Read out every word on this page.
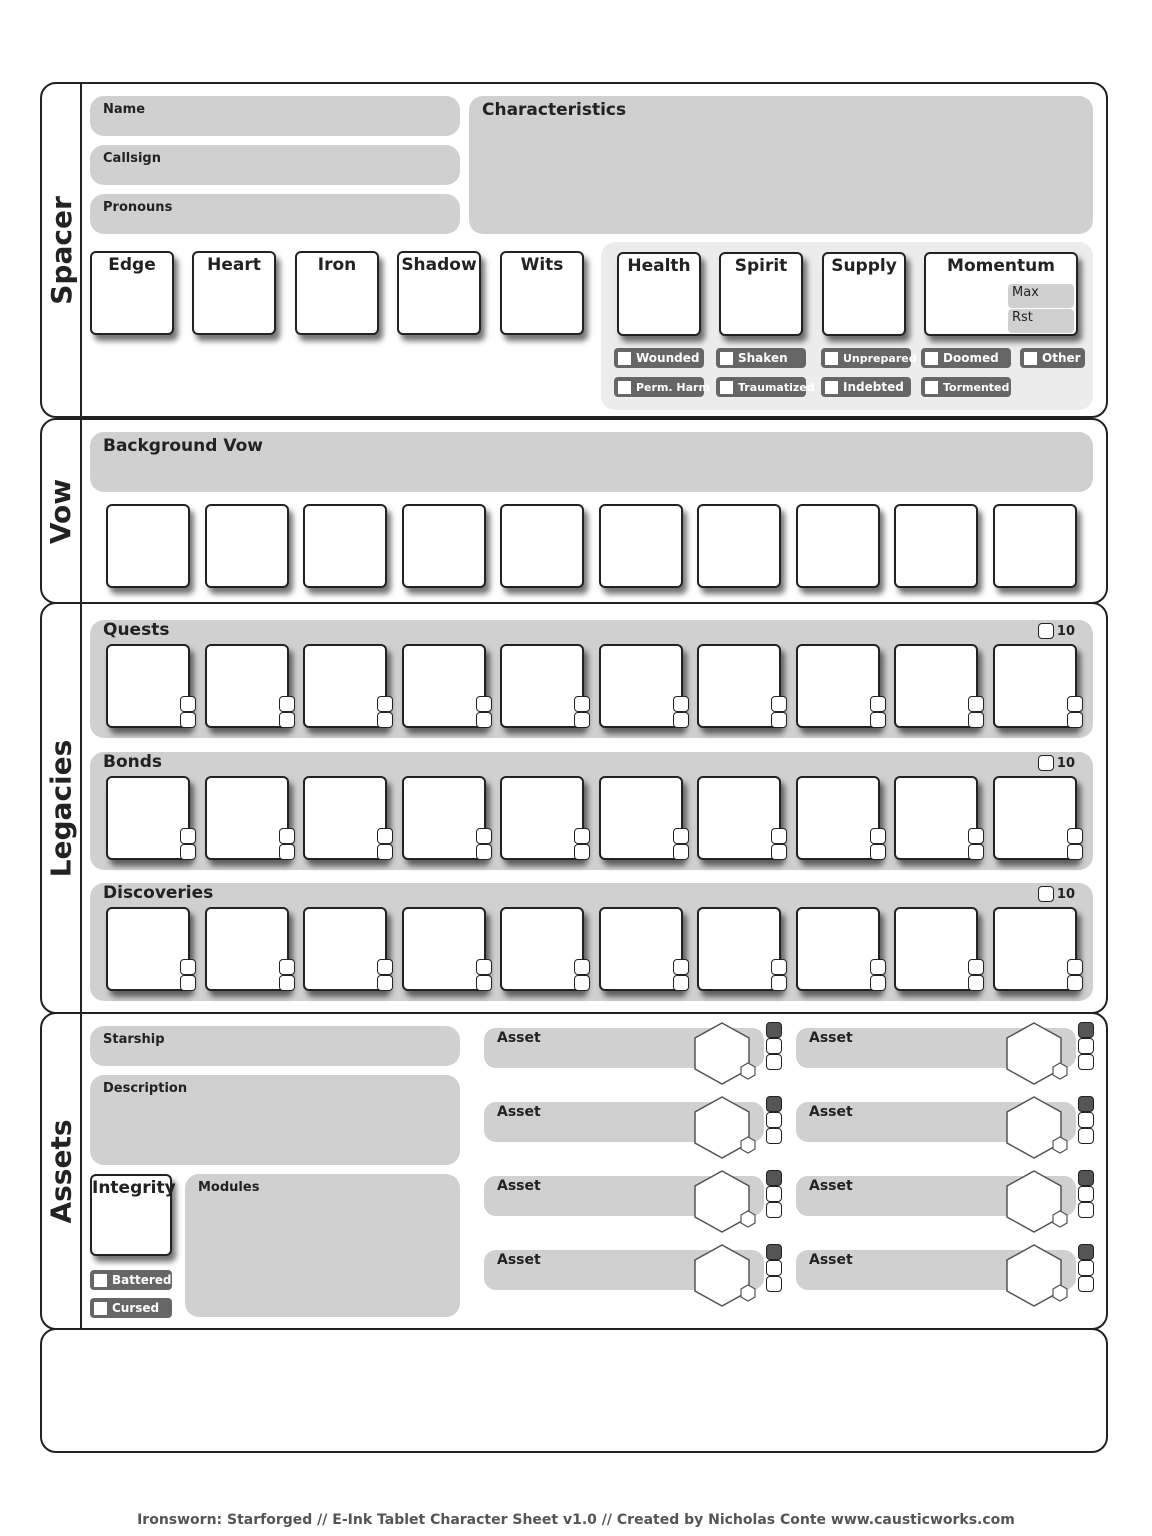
Spacer
Name
Callsign
Pronouns
Characteristics
Edge	Heart	Iron	Shadow	Wits	Health	Spirit	Supply	Momentum
Max
Rst
Wounded
Perm. Harm
Shaken
Traumatized
Unprepared
Indebted
Doomed
Tormented
Other
Vow
Background Vow
Legacies
Quests	10
Bonds	10
Discoveries	10
Assets
Starship
Description
Integrity
Battered
Cursed
Modules
Asset	Asset
Asset	Asset
Asset	Asset
Asset	Asset
Ironsworn: Starforged // E-Ink Tablet Character Sheet v1.0 // Created by Nicholas Conte www.causticworks.com
